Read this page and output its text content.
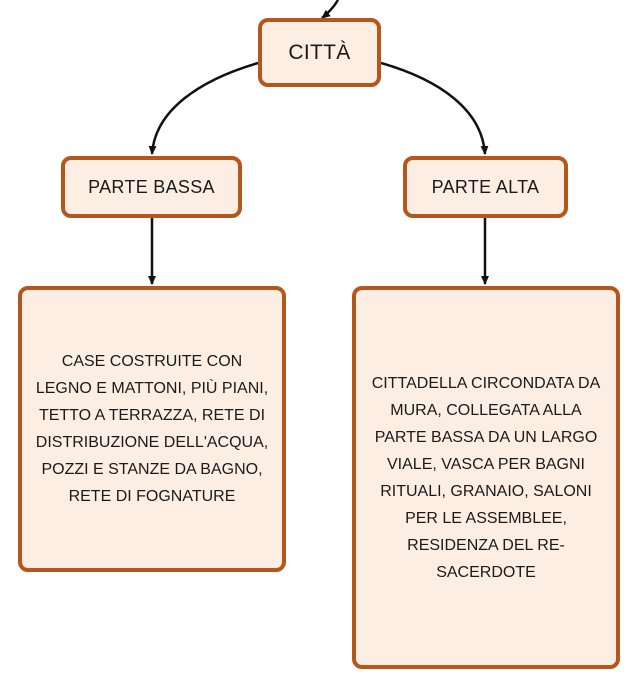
CITTÀ
PARTE BASSA	PARTE ALTA
CASE COSTRUITE CON LEGNO E MATTONI, PIÙ PIANI, TETTO A TERRAZZA, RETE DI DISTRIBUZIONE DELL'ACQUA, POZZI E STANZE DA BAGNO, RETE DI FOGNATURE
CITTADELLA CIRCONDATA DA MURA, COLLEGATA ALLA PARTE BASSA DA UN LARGO VIALE, VASCA PER BAGNI RITUALI, GRANAIO, SALONI PER LE ASSEMBLEE, RESIDENZA DEL RE-SACERDOTE
